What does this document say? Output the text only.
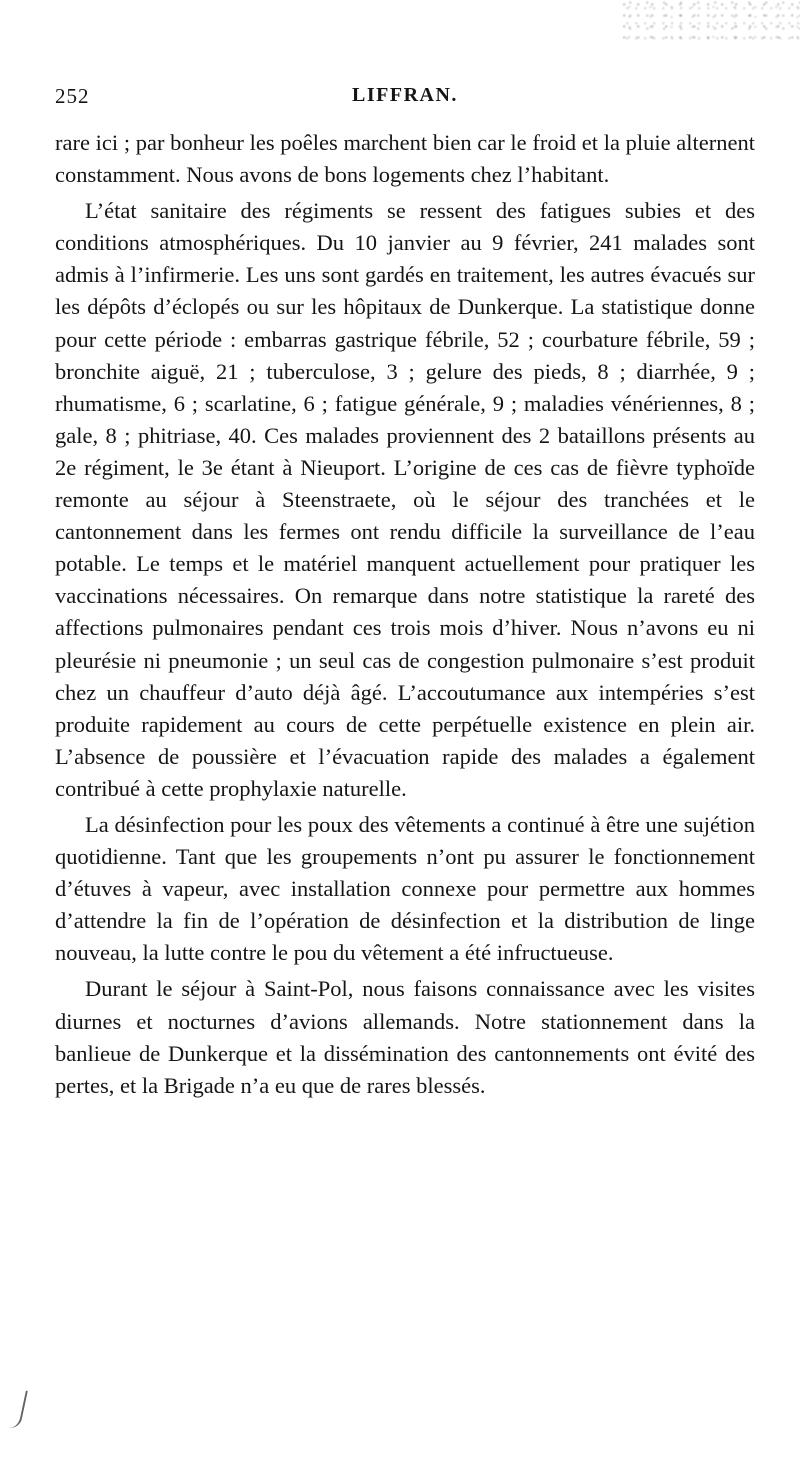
252	LIFFRAN.

rare ici ; par bonheur les poêles marchent bien car le froid et la pluie alternent constamment. Nous avons de bons logements chez l’habitant.

L’état sanitaire des régiments se ressent des fatigues subies et des conditions atmosphériques. Du 10 janvier au 9 février, 241 malades sont admis à l’infirmerie. Les uns sont gardés en traitement, les autres évacués sur les dépôts d’éclopés ou sur les hôpitaux de Dunkerque. La statistique donne pour cette période : embarras gastrique fébrile, 52 ; courbature fébrile, 59 ; bronchite aiguë, 21 ; tuberculose, 3 ; gelure des pieds, 8 ; diarrhée, 9 ; rhumatisme, 6 ; scarlatine, 6 ; fatigue générale, 9 ; maladies vénériennes, 8 ; gale, 8 ; phitriase, 40. Ces malades proviennent des 2 bataillons présents au 2e régiment, le 3e étant à Nieuport. L’origine de ces cas de fièvre typhoïde remonte au séjour à Steenstraete, où le séjour des tranchées et le cantonnement dans les fermes ont rendu difficile la surveillance de l’eau potable. Le temps et le matériel manquent actuellement pour pratiquer les vaccinations nécessaires. On remarque dans notre statistique la rareté des affections pulmonaires pendant ces trois mois d’hiver. Nous n’avons eu ni pleurésie ni pneumonie ; un seul cas de congestion pulmonaire s’est produit chez un chauffeur d’auto déjà âgé. L’accoutumance aux intempéries s’est produite rapidement au cours de cette perpétuelle existence en plein air. L’absence de poussière et l’évacuation rapide des malades a également contribué à cette prophylaxie naturelle.

La désinfection pour les poux des vêtements a continué à être une sujétion quotidienne. Tant que les groupements n’ont pu assurer le fonctionnement d’étuves à vapeur, avec installation connexe pour permettre aux hommes d’attendre la fin de l’opération de désinfection et la distribution de linge nouveau, la lutte contre le pou du vêtement a été infructueuse.

Durant le séjour à Saint-Pol, nous faisons connaissance avec les visites diurnes et nocturnes d’avions allemands. Notre stationnement dans la banlieue de Dunkerque et la dissémination des cantonnements ont évité des pertes, et la Brigade n’a eu que de rares blessés.
